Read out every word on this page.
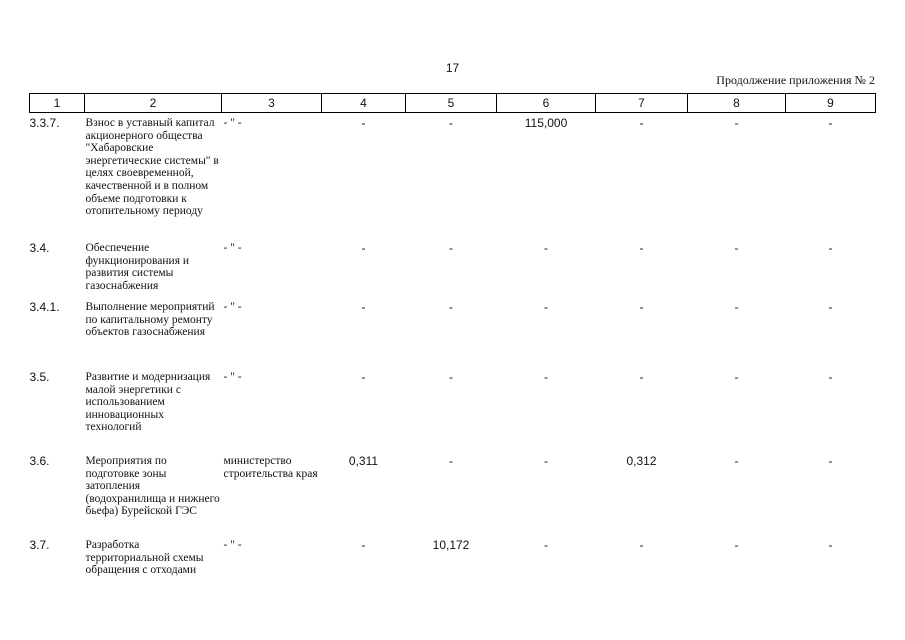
17
Продолжение приложения № 2
1	2	3	4	5	6	7	8	9
3.3.7.	Взнос в уставный капитал акционерного общества "Хабаровские энергетические системы" в целях своевременной, качественной и в полном объеме подготовки к отопительному периоду	- " -	-	-	115,000	-	-	-
3.4.	Обеспечение функционирования и развития системы газоснабжения	- " -	-	-	-	-	-	-
3.4.1.	Выполнение мероприятий по капитальному ремонту объектов газоснабжения	- " -	-	-	-	-	-	-
3.5.	Развитие и модернизация малой энергетики с использованием инновационных технологий	- " -	-	-	-	-	-	-
3.6.	Мероприятия по подготовке зоны затопления (водохранилища и нижнего бьефа) Бурейской ГЭС	министерство строительства края	0,311	-	-	0,312	-	-
3.7.	Разработка территориальной схемы обращения с отходами	- " -	-	10,172	-	-	-	-
